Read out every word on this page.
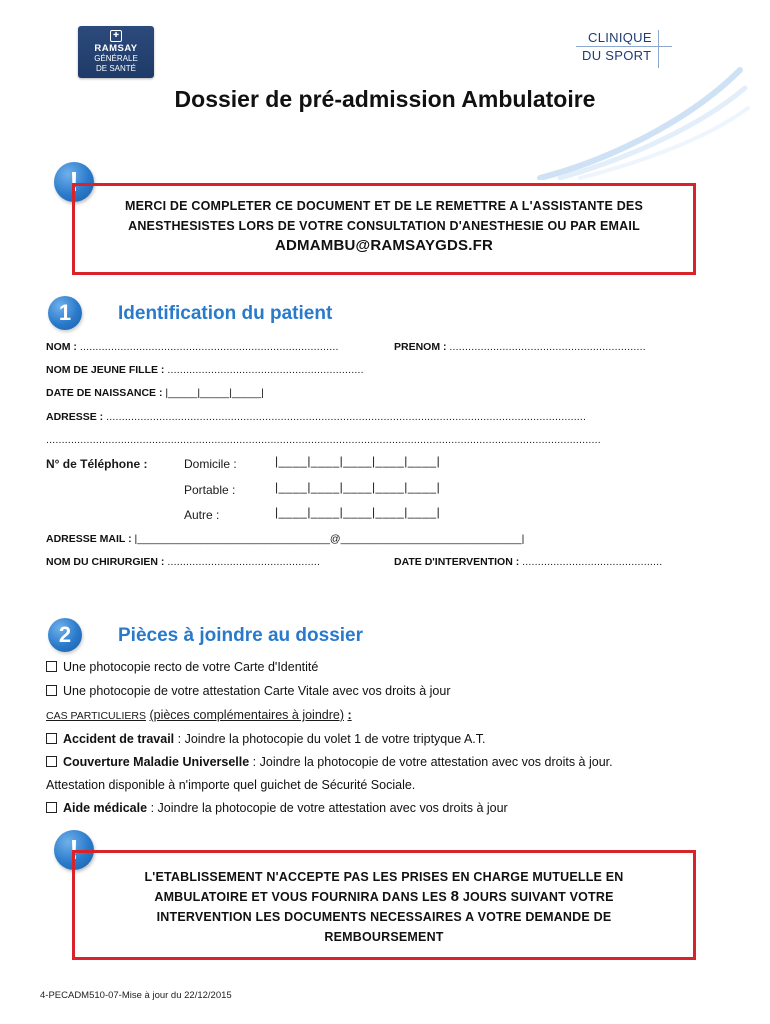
✚
RAMSAY
GÉNÉRALE
DE SANTÉ
CLINIQUE
DU SPORT
Dossier de pré-admission Ambulatoire
!
MERCI DE COMPLETER CE DOCUMENT ET DE LE REMETTRE A L'ASSISTANTE DES
ANESTHESISTES LORS DE VOTRE CONSULTATION D'ANESTHESIE OU PAR EMAIL
ADMAMBU@RAMSAYGDS.FR
1	Identification du patient
NOM : ...................................................................................	PRENOM : ...............................................................
NOM DE JEUNE FILLE : ...............................................................
DATE DE NAISSANCE : |_____|_____|_____|
ADRESSE : ..........................................................................................................................................................
..................................................................................................................................................................................
N° de Téléphone :	Domicile :	|____|____|____|____|____|
Portable :	|____|____|____|____|____|
Autre :	|____|____|____|____|____|
ADRESSE MAIL : |_________________________________@_______________________________|
NOM DU CHIRURGIEN : .................................................	DATE D'INTERVENTION : .............................................
2	Pièces à joindre au dossier
Une photocopie recto de votre Carte d'Identité
Une photocopie de votre attestation Carte Vitale avec vos droits à jour
CAS PARTICULIERS (pièces complémentaires à joindre) :
Accident de travail : Joindre la photocopie du volet 1 de votre triptyque A.T.
Couverture Maladie Universelle : Joindre la photocopie de votre attestation avec vos droits à jour.
Attestation disponible à n'importe quel guichet de Sécurité Sociale.
Aide médicale : Joindre la photocopie de votre attestation avec vos droits à jour
!
L'ETABLISSEMENT N'ACCEPTE PAS LES PRISES EN CHARGE MUTUELLE EN
AMBULATOIRE ET VOUS FOURNIRA DANS LES 8 JOURS SUIVANT VOTRE
INTERVENTION LES DOCUMENTS NECESSAIRES A VOTRE DEMANDE DE
REMBOURSEMENT
4-PECADM510-07-Mise à jour du 22/12/2015
